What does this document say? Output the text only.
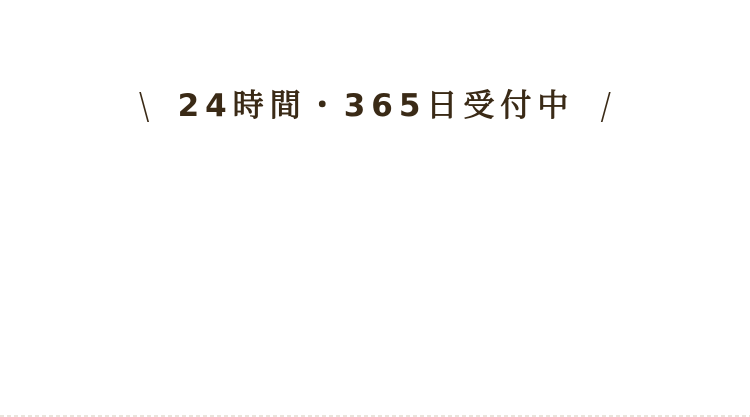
\ 24時間・365日受付中 /
